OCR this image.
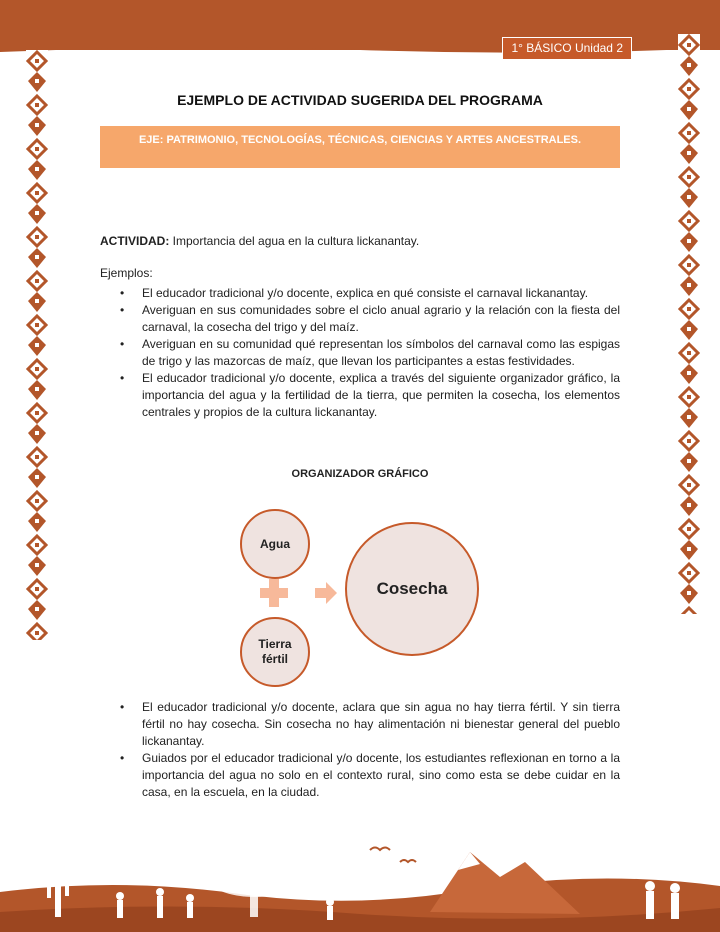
1° BÁSICO Unidad 2
EJEMPLO DE ACTIVIDAD SUGERIDA DEL PROGRAMA
EJE: PATRIMONIO, TECNOLOGÍAS, TÉCNICAS, CIENCIAS Y ARTES ANCESTRALES.
ACTIVIDAD: Importancia del agua en la cultura lickanantay.
Ejemplos:
• El educador tradicional y/o docente, explica en qué consiste el carnaval lickanantay.
• Averiguan en sus comunidades sobre el ciclo anual agrario y la relación con la fiesta del carnaval, la cosecha del trigo y del maíz.
• Averiguan en su comunidad qué representan los símbolos del carnaval como las espigas de trigo y las mazorcas de maíz, que llevan los participantes a estas festividades.
• El educador tradicional y/o docente, explica a través del siguiente organizador gráfico, la importancia del agua y la fertilidad de la tierra, que permiten la cosecha, los elementos centrales y propios de la cultura lickanantay.
ORGANIZADOR GRÁFICO
Agua
Tierra fértil
Cosecha
• El educador tradicional y/o docente, aclara que sin agua no hay tierra fértil. Y sin tierra fértil no hay cosecha. Sin cosecha no hay alimentación ni bienestar general del pueblo lickanantay.
• Guiados por el educador tradicional y/o docente, los estudiantes reflexionan en torno a la importancia del agua no solo en el contexto rural, sino como esta se debe cuidar en la casa, en la escuela, en la ciudad.
